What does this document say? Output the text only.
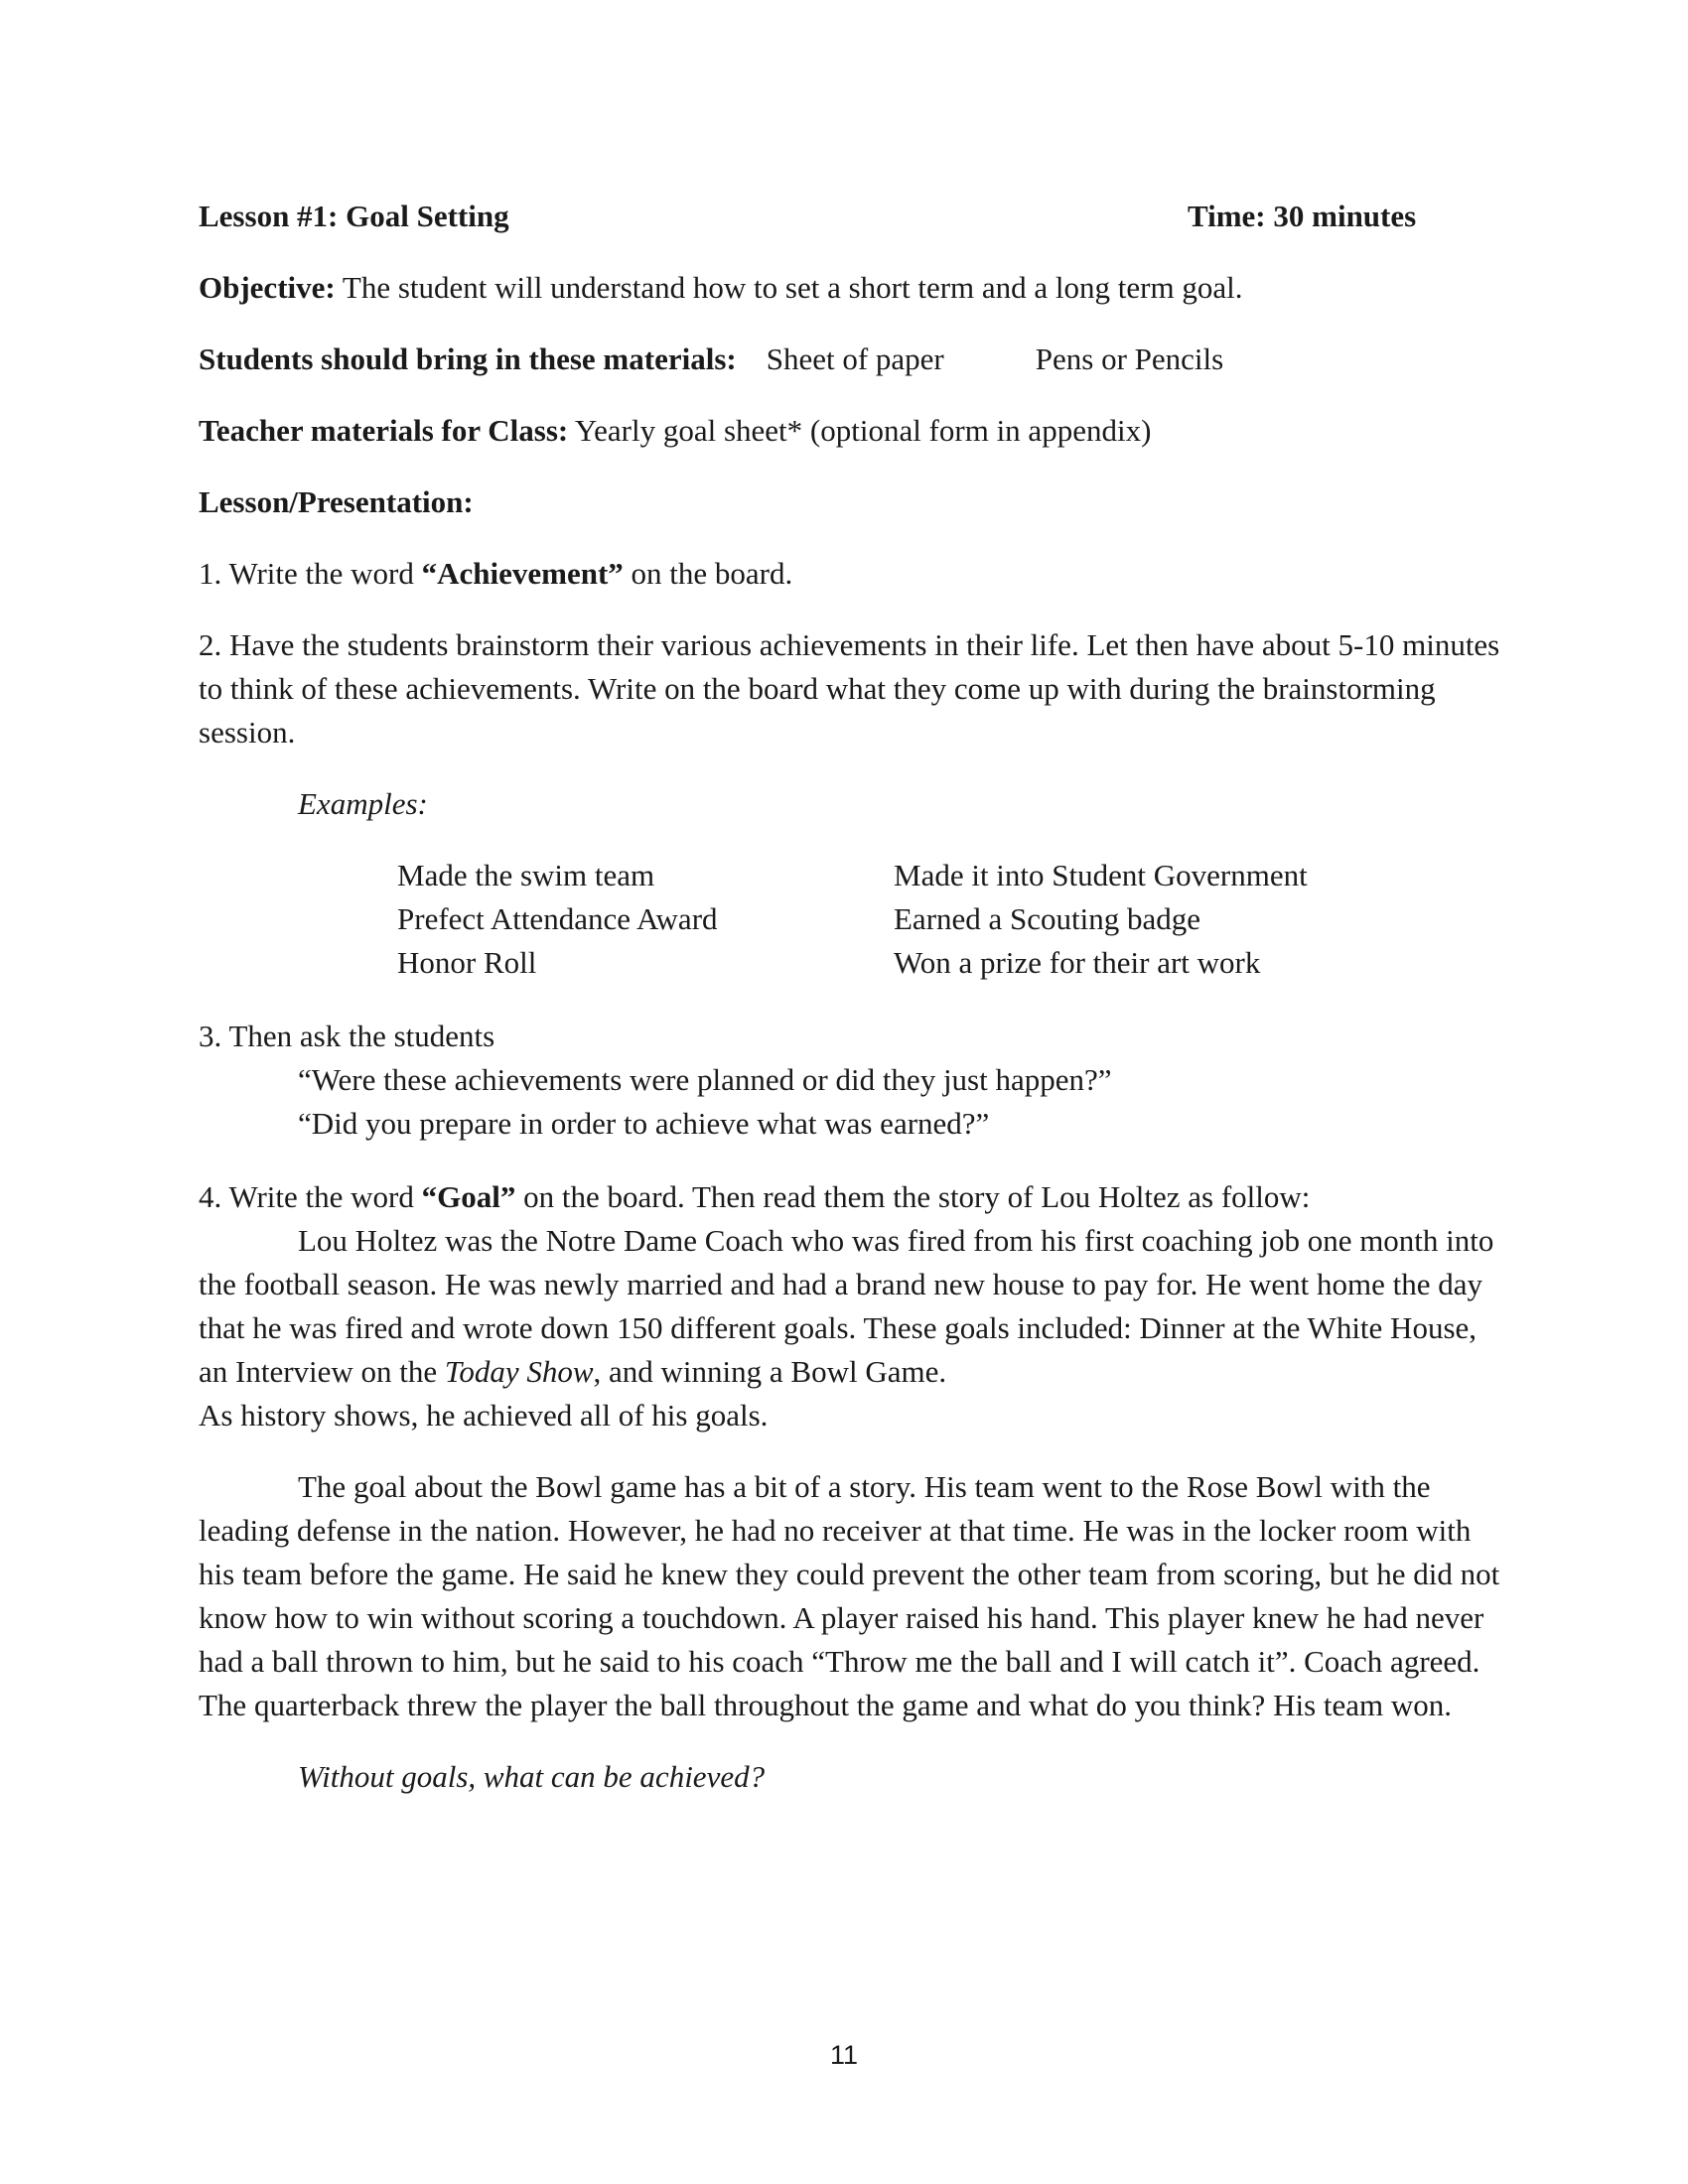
Lesson #1: Goal Setting	Time: 30 minutes

Objective: The student will understand how to set a short term and a long term goal.

Students should bring in these materials: Sheet of paper	Pens or Pencils

Teacher materials for Class: Yearly goal sheet* (optional form in appendix)

Lesson/Presentation:

1. Write the word “Achievement” on the board.

2. Have the students brainstorm their various achievements in their life. Let then have about 5-10 minutes to think of these achievements. Write on the board what they come up with during the brainstorming session.

Examples:

Made the swim team
Prefect Attendance Award
Honor Roll
Made it into Student Government
Earned a Scouting badge
Won a prize for their art work

3. Then ask the students

“Were these achievements were planned or did they just happen?”

“Did you prepare in order to achieve what was earned?”

4. Write the word “Goal” on the board. Then read them the story of Lou Holtez as follow:

Lou Holtez was the Notre Dame Coach who was fired from his first coaching job one month into the football season. He was newly married and had a brand new house to pay for. He went home the day that he was fired and wrote down 150 different goals. These goals included: Dinner at the White House, an Interview on the Today Show, and winning a Bowl Game.

As history shows, he achieved all of his goals.

The goal about the Bowl game has a bit of a story. His team went to the Rose Bowl with the leading defense in the nation. However, he had no receiver at that time. He was in the locker room with his team before the game. He said he knew they could prevent the other team from scoring, but he did not know how to win without scoring a touchdown. A player raised his hand. This player knew he had never had a ball thrown to him, but he said to his coach “Throw me the ball and I will catch it”. Coach agreed. The quarterback threw the player the ball throughout the game and what do you think? His team won.

Without goals, what can be achieved?

11
